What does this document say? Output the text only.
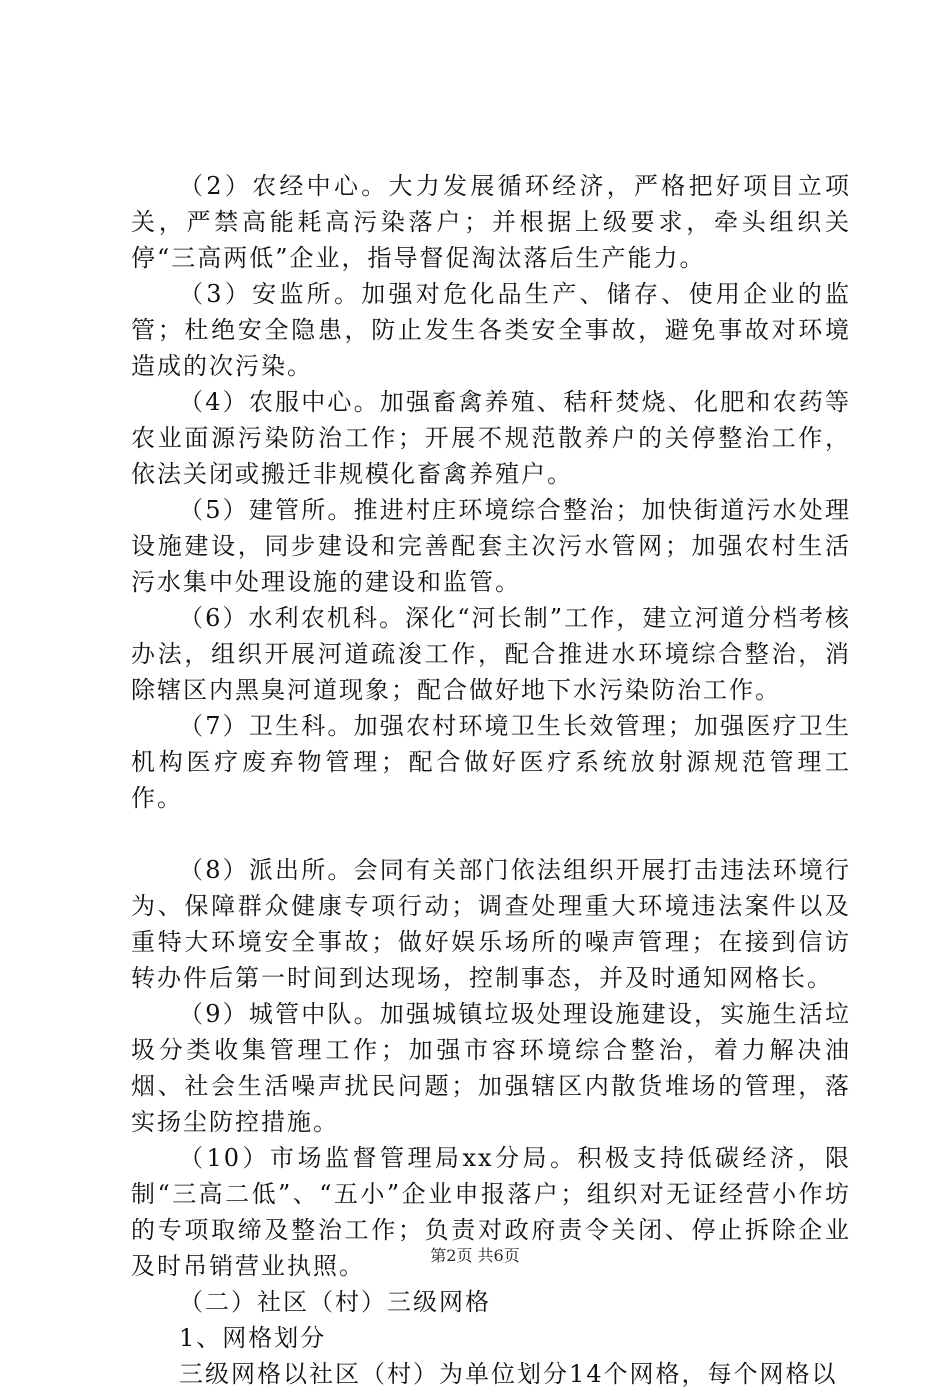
（2）农经中心。大力发展循环经济，严格把好项目立项关，严禁高能耗高污染落户；并根据上级要求，牵头组织关停“三高两低”企业，指导督促淘汰落后生产能力。

（3）安监所。加强对危化品生产、储存、使用企业的监管；杜绝安全隐患，防止发生各类安全事故，避免事故对环境造成的次污染。

（4）农服中心。加强畜禽养殖、秸秆焚烧、化肥和农药等农业面源污染防治工作；开展不规范散养户的关停整治工作，依法关闭或搬迁非规模化畜禽养殖户。

（5）建管所。推进村庄环境综合整治；加快街道污水处理设施建设，同步建设和完善配套主次污水管网；加强农村生活污水集中处理设施的建设和监管。

（6）水利农机科。深化“河长制”工作，建立河道分档考核办法，组织开展河道疏浚工作，配合推进水环境综合整治，消除辖区内黑臭河道现象；配合做好地下水污染防治工作。

（7）卫生科。加强农村环境卫生长效管理；加强医疗卫生机构医疗废弃物管理；配合做好医疗系统放射源规范管理工作。

（8）派出所。会同有关部门依法组织开展打击违法环境行为、保障群众健康专项行动；调查处理重大环境违法案件以及重特大环境安全事故；做好娱乐场所的噪声管理；在接到信访转办件后第一时间到达现场，控制事态，并及时通知网格长。

（9）城管中队。加强城镇垃圾处理设施建设，实施生活垃圾分类收集管理工作；加强市容环境综合整治，着力解决油烟、社会生活噪声扰民问题；加强辖区内散货堆场的管理，落实扬尘防控措施。

（10）市场监督管理局xx分局。积极支持低碳经济，限制“三高二低”、“五小”企业申报落户；组织对无证经营小作坊的专项取缔及整治工作；负责对政府责令关闭、停止拆除企业及时吊销营业执照。

（二）社区（村）三级网格

1、网格划分

三级网格以社区（村）为单位划分14个网格，每个网格以

第2页 共6页
